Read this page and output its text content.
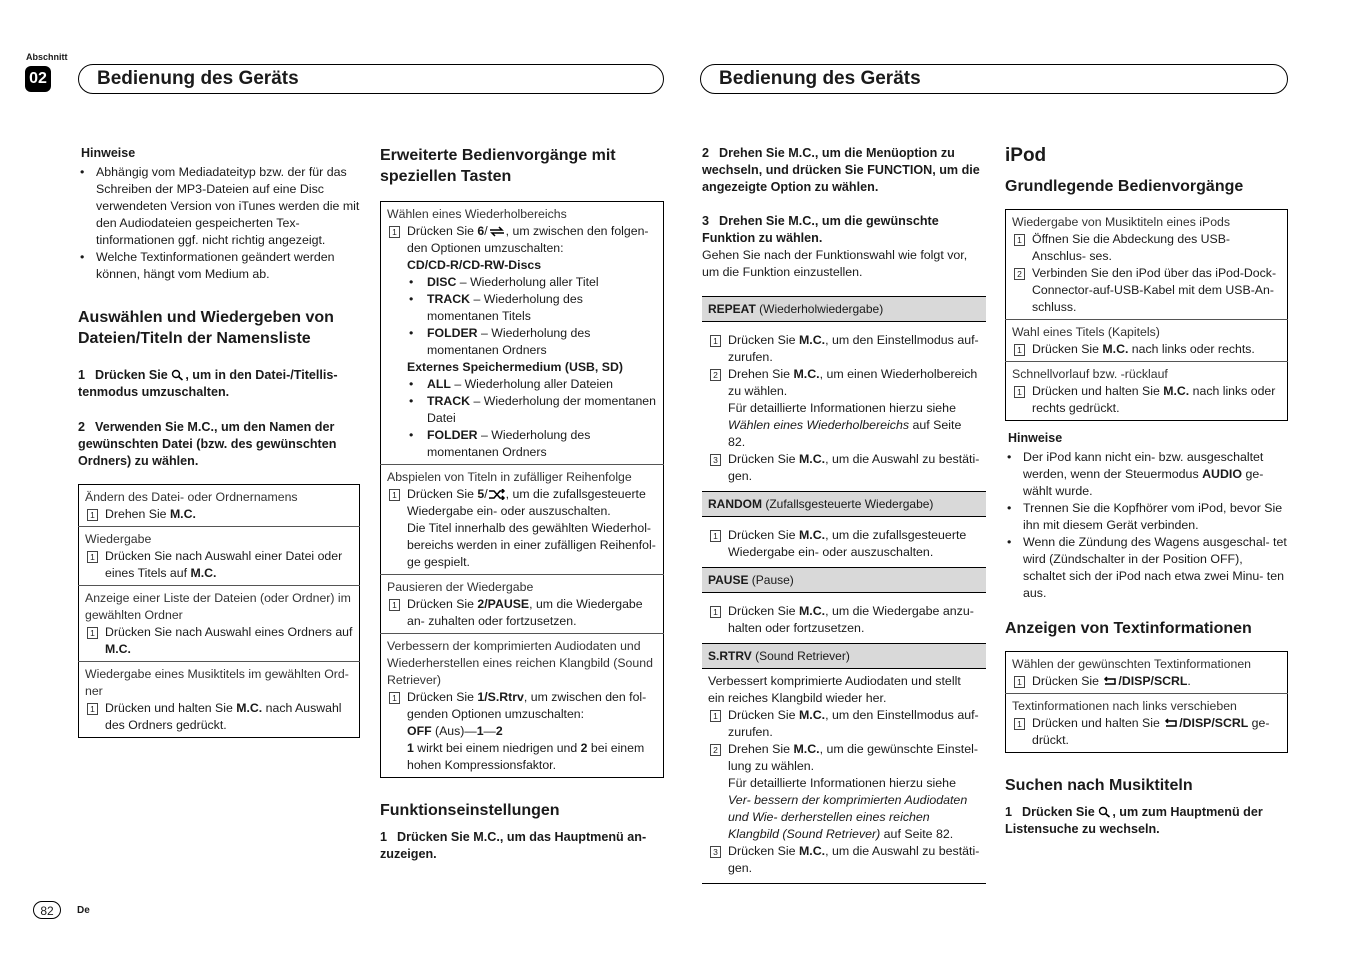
Abschnitt
02	Bedienung des Geräts	Bedienung des Geräts
Hinweise
• Abhängig vom Mediadateityp bzw. der für das Schreiben der MP3-Dateien auf eine Disc verwendeten Version von iTunes werden die mit den Audiodateien gespeicherten Tex- tinformationen ggf. nicht richtig angezeigt.
• Welche Textinformationen geändert werden können, hängt vom Medium ab.
Auswählen und Wiedergeben von Dateien/Titeln der Namensliste
1 Drücken Sie , um in den Datei-/Titellis- tenmodus umzuschalten.
2 Verwenden Sie M.C., um den Namen der gewünschten Datei (bzw. des gewünschten Ordners) zu wählen.
Ändern des Datei- oder Ordnernamens
1 Drehen Sie M.C.

Wiedergabe
1 Drücken Sie nach Auswahl einer Datei oder eines Titels auf M.C.

Anzeige einer Liste der Dateien (oder Ordner) im gewählten Ordner
1 Drücken Sie nach Auswahl eines Ordners auf M.C.

Wiedergabe eines Musiktitels im gewählten Ord- ner
1 Drücken und halten Sie M.C. nach Auswahl des Ordners gedrückt.
Erweiterte Bedienvorgänge mit speziellen Tasten
Wählen eines Wiederholbereichs
1 Drücken Sie 6/ , um zwischen den folgen- den Optionen umzuschalten:
CD/CD-R/CD-RW-Discs
• DISC – Wiederholung aller Titel
• TRACK – Wiederholung des momentanen Titels
• FOLDER – Wiederholung des momentanen Ordners
Externes Speichermedium (USB, SD)
• ALL – Wiederholung aller Dateien
• TRACK – Wiederholung der momentanen Datei
• FOLDER – Wiederholung des momentanen Ordners

Abspielen von Titeln in zufälliger Reihenfolge
1 Drücken Sie 5/ , um die zufallsgesteuerte Wiedergabe ein- oder auszuschalten.
Die Titel innerhalb des gewählten Wiederhol- bereichs werden in einer zufälligen Reihenfol- ge gespielt.

Pausieren der Wiedergabe
1 Drücken Sie 2/PAUSE, um die Wiedergabe an- zuhalten oder fortzusetzen.

Verbessern der komprimierten Audiodaten und Wiederherstellen eines reichen Klangbild (Sound Retriever)
1 Drücken Sie 1/S.Rtrv, um zwischen den fol- genden Optionen umzuschalten:
OFF (Aus)—1—2
1 wirkt bei einem niedrigen und 2 bei einem hohen Kompressionsfaktor.
Funktionseinstellungen
1 Drücken Sie M.C., um das Hauptmenü an- zuzeigen.
2 Drehen Sie M.C., um die Menüoption zu wechseln, und drücken Sie FUNCTION, um die angezeigte Option zu wählen.
3 Drehen Sie M.C., um die gewünschte Funktion zu wählen.
Gehen Sie nach der Funktionswahl wie folgt vor, um die Funktion einzustellen.
REPEAT (Wiederholwiedergabe)
1 Drücken Sie M.C., um den Einstellmodus auf- zurufen.
2 Drehen Sie M.C., um einen Wiederholbereich zu wählen.
Für detaillierte Informationen hierzu siehe Wählen eines Wiederholbereichs auf Seite 82.
3 Drücken Sie M.C., um die Auswahl zu bestäti- gen.
RANDOM (Zufallsgesteuerte Wiedergabe)
1 Drücken Sie M.C., um die zufallsgesteuerte Wiedergabe ein- oder auszuschalten.
PAUSE (Pause)
1 Drücken Sie M.C., um die Wiedergabe anzu- halten oder fortzusetzen.
S.RTRV (Sound Retriever)
Verbessert komprimierte Audiodaten und stellt ein reiches Klangbild wieder her.
1 Drücken Sie M.C., um den Einstellmodus auf- zurufen.
2 Drehen Sie M.C., um die gewünschte Einstel- lung zu wählen.
Für detaillierte Informationen hierzu siehe Ver- bessern der komprimierten Audiodaten und Wie- derherstellen eines reichen Klangbild (Sound Retriever) auf Seite 82.
3 Drücken Sie M.C., um die Auswahl zu bestäti- gen.
iPod
Grundlegende Bedienvorgänge
Wiedergabe von Musiktiteln eines iPods
1 Öffnen Sie die Abdeckung des USB-Anschlus- ses.
2 Verbinden Sie den iPod über das iPod-Dock- Connector-auf-USB-Kabel mit dem USB-An- schluss.

Wahl eines Titels (Kapitels)
1 Drücken Sie M.C. nach links oder rechts.

Schnellvorlauf bzw. -rücklauf
1 Drücken und halten Sie M.C. nach links oder rechts gedrückt.
Hinweise
• Der iPod kann nicht ein- bzw. ausgeschaltet werden, wenn der Steuermodus AUDIO ge- wählt wurde.
• Trennen Sie die Kopfhörer vom iPod, bevor Sie ihn mit diesem Gerät verbinden.
• Wenn die Zündung des Wagens ausgeschal- tet wird (Zündschalter in der Position OFF), schaltet sich der iPod nach etwa zwei Minu- ten aus.
Anzeigen von Textinformationen
Wählen der gewünschten Textinformationen
1 Drücken Sie /DISP/SCRL.

Textinformationen nach links verschieben
1 Drücken und halten Sie /DISP/SCRL ge- drückt.
Suchen nach Musiktiteln
1 Drücken Sie , um zum Hauptmenü der Listensuche zu wechseln.
82	De
